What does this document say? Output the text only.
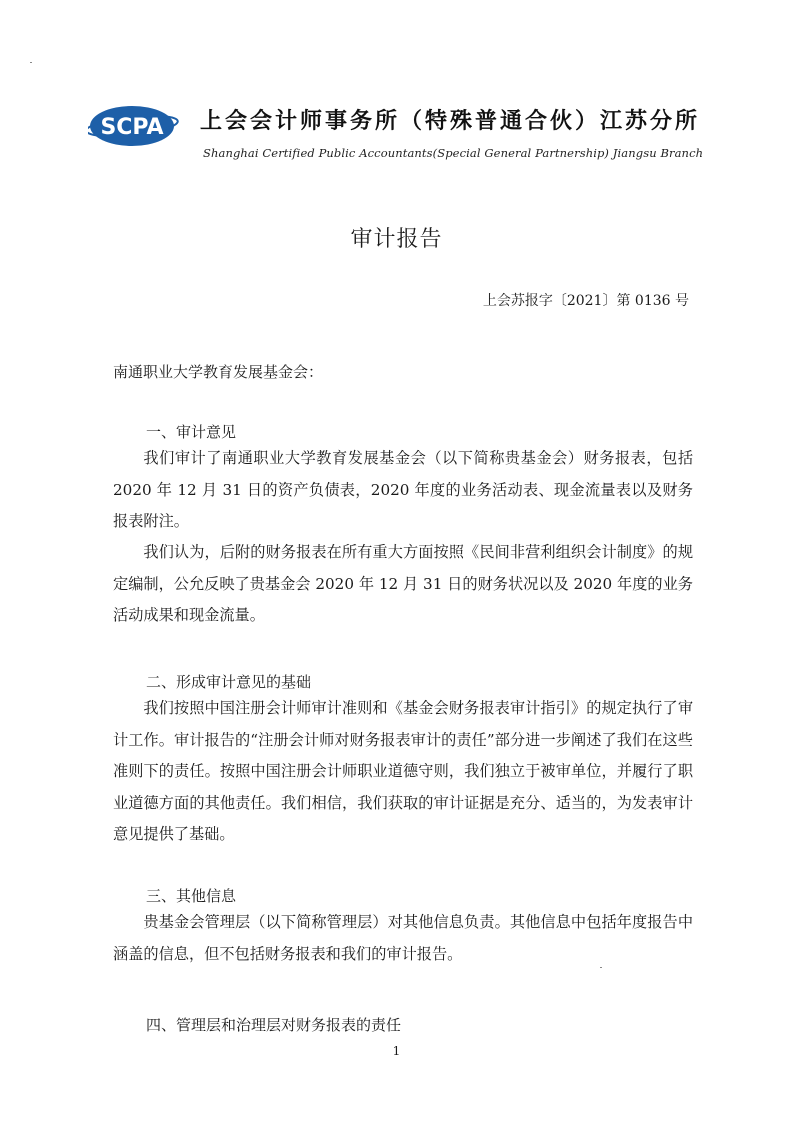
SCPA 上会会计师事务所（特殊普通合伙）江苏分所
Shanghai Certified Public Accountants(Special General Partnership) Jiangsu Branch
审计报告
上会苏报字〔2021〕第 0136 号
南通职业大学教育发展基金会：
一、审计意见
我们审计了南通职业大学教育发展基金会（以下简称贵基金会）财务报表，包括 2020 年 12 月 31 日的资产负债表，2020 年度的业务活动表、现金流量表以及财务报表附注。
我们认为，后附的财务报表在所有重大方面按照《民间非营利组织会计制度》的规定编制，公允反映了贵基金会 2020 年 12 月 31 日的财务状况以及 2020 年度的业务活动成果和现金流量。
二、形成审计意见的基础
我们按照中国注册会计师审计准则和《基金会财务报表审计指引》的规定执行了审计工作。审计报告的“注册会计师对财务报表审计的责任”部分进一步阐述了我们在这些准则下的责任。按照中国注册会计师职业道德守则，我们独立于被审单位，并履行了职业道德方面的其他责任。我们相信，我们获取的审计证据是充分、适当的，为发表审计意见提供了基础。
三、其他信息
贵基金会管理层（以下简称管理层）对其他信息负责。其他信息中包括年度报告中涵盖的信息，但不包括财务报表和我们的审计报告。
四、管理层和治理层对财务报表的责任
1
